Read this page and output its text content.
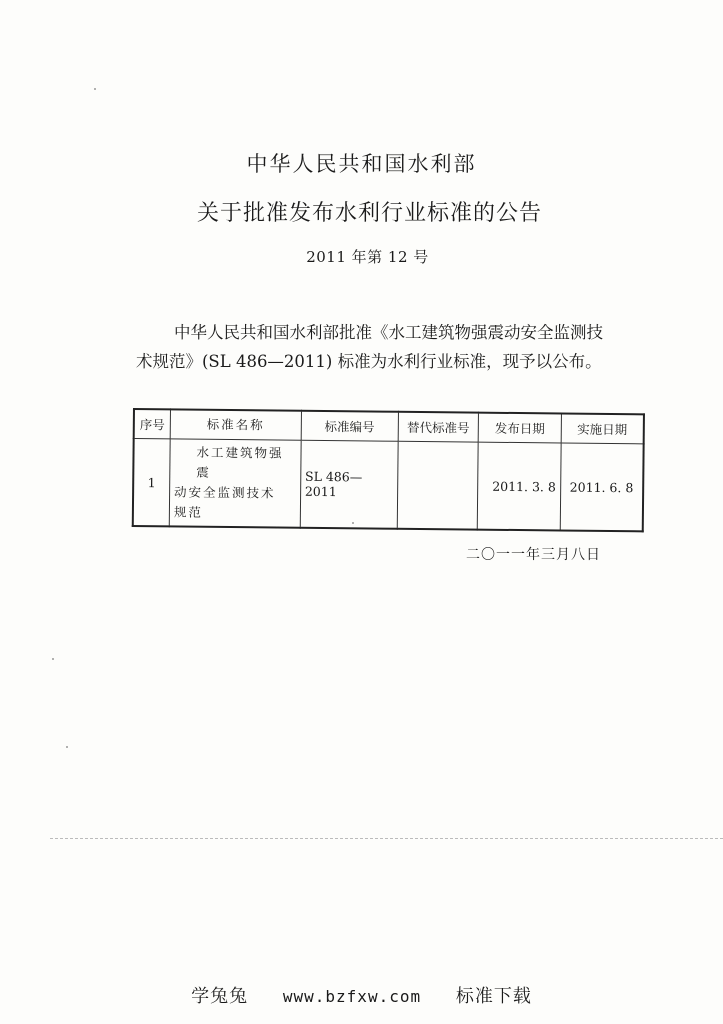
中华人民共和国水利部
关于批准发布水利行业标准的公告
2011 年第 12 号
中华人民共和国水利部批准《水工建筑物强震动安全监测技
术规范》(SL 486—2011) 标准为水利行业标准，现予以公布。
序号	标准名称	标准编号	替代标准号	发布日期	实施日期
1	水工建筑物强震
动安全监测技术
规范	SL 486—2011		2011. 3. 8	2011. 6. 8
二〇一一年三月八日
学兔兔 www.bzfxw.com 标准下载
